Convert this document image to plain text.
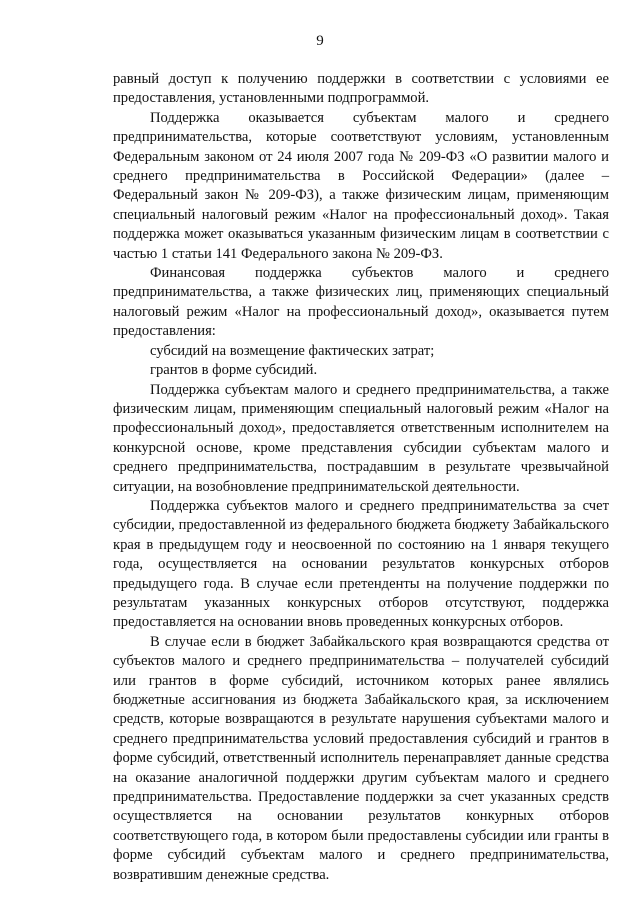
9

равный доступ к получению поддержки в соответствии с условиями ее предоставления, установленными подпрограммой.

Поддержка оказывается субъектам малого и среднего предпринимательства, которые соответствуют условиям, установленным Федеральным законом от 24 июля 2007 года № 209-ФЗ «О развитии малого и среднего предпринимательства в Российской Федерации» (далее – Федеральный закон № 209-ФЗ), а также физическим лицам, применяющим специальный налоговый режим «Налог на профессиональный доход». Такая поддержка может оказываться указанным физическим лицам в соответствии с частью 1 статьи 141 Федерального закона № 209-ФЗ.

Финансовая поддержка субъектов малого и среднего предпринимательства, а также физических лиц, применяющих специальный налоговый режим «Налог на профессиональный доход», оказывается путем предоставления:

субсидий на возмещение фактических затрат;

грантов в форме субсидий.

Поддержка субъектам малого и среднего предпринимательства, а также физическим лицам, применяющим специальный налоговый режим «Налог на профессиональный доход», предоставляется ответственным исполнителем на конкурсной основе, кроме представления субсидии субъектам малого и среднего предпринимательства, пострадавшим в результате чрезвычайной ситуации, на возобновление предпринимательской деятельности.

Поддержка субъектов малого и среднего предпринимательства за счет субсидии, предоставленной из федерального бюджета бюджету Забайкальского края в предыдущем году и неосвоенной по состоянию на 1 января текущего года, осуществляется на основании результатов конкурсных отборов предыдущего года. В случае если претенденты на получение поддержки по результатам указанных конкурсных отборов отсутствуют, поддержка предоставляется на основании вновь проведенных конкурсных отборов.

В случае если в бюджет Забайкальского края возвращаются средства от субъектов малого и среднего предпринимательства – получателей субсидий или грантов в форме субсидий, источником которых ранее являлись бюджетные ассигнования из бюджета Забайкальского края, за исключением средств, которые возвращаются в результате нарушения субъектами малого и среднего предпринимательства условий предоставления субсидий и грантов в форме субсидий, ответственный исполнитель перенаправляет данные средства на оказание аналогичной поддержки другим субъектам малого и среднего предпринимательства. Предоставление поддержки за счет указанных средств осуществляется на основании результатов конкурных отборов соответствующего года, в котором были предоставлены субсидии или гранты в форме субсидий субъектам малого и среднего предпринимательства, возвратившим денежные средства.
